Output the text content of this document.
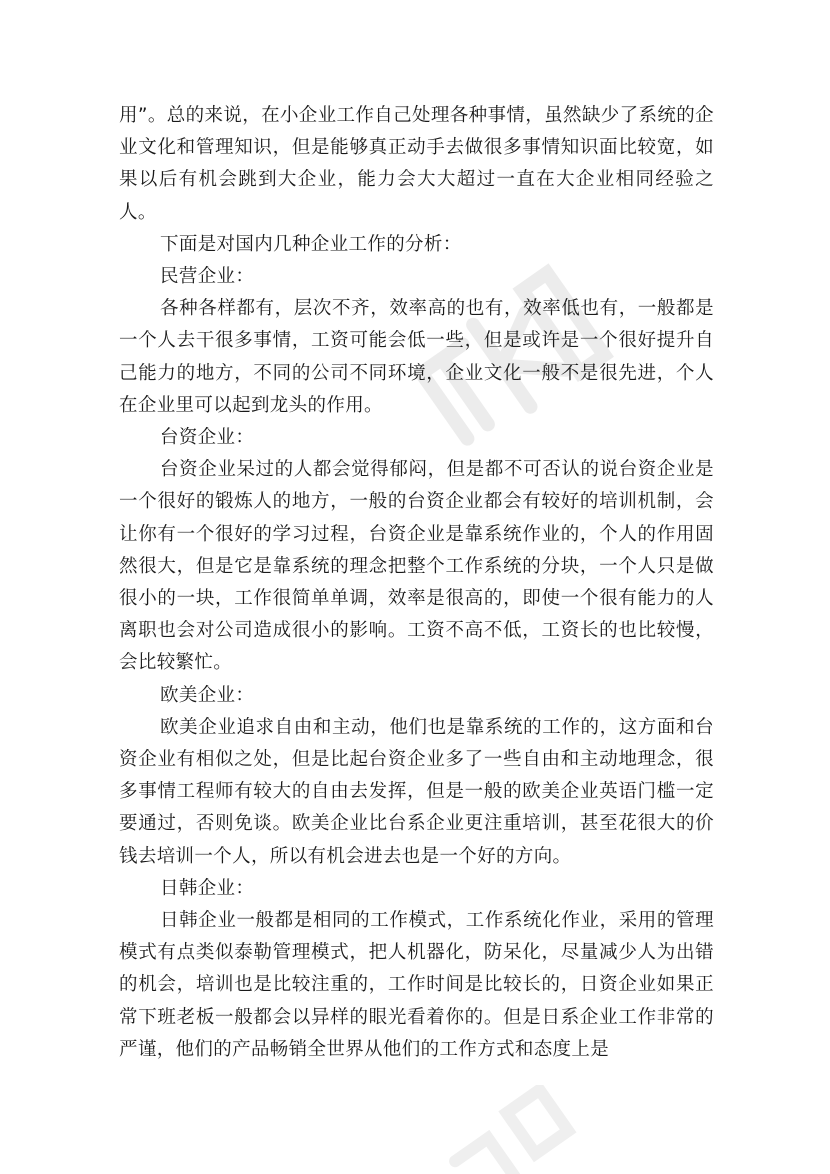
用”。总的来说，在小企业工作自己处理各种事情，虽然缺少了系统的企业文化和管理知识，但是能够真正动手去做很多事情知识面比较宽，如果以后有机会跳到大企业，能力会大大超过一直在大企业相同经验之人。

下面是对国内几种企业工作的分析：

民营企业：

各种各样都有，层次不齐，效率高的也有，效率低也有，一般都是一个人去干很多事情，工资可能会低一些，但是或许是一个很好提升自己能力的地方，不同的公司不同环境，企业文化一般不是很先进，个人在企业里可以起到龙头的作用。

台资企业：

台资企业呆过的人都会觉得郁闷，但是都不可否认的说台资企业是一个很好的锻炼人的地方，一般的台资企业都会有较好的培训机制，会让你有一个很好的学习过程，台资企业是靠系统作业的，个人的作用固然很大，但是它是靠系统的理念把整个工作系统的分块，一个人只是做很小的一块，工作很简单单调，效率是很高的，即使一个很有能力的人离职也会对公司造成很小的影响。工资不高不低，工资长的也比较慢，会比较繁忙。

欧美企业：

欧美企业追求自由和主动，他们也是靠系统的工作的，这方面和台资企业有相似之处，但是比起台资企业多了一些自由和主动地理念，很多事情工程师有较大的自由去发挥，但是一般的欧美企业英语门槛一定要通过，否则免谈。欧美企业比台系企业更注重培训，甚至花很大的价钱去培训一个人，所以有机会进去也是一个好的方向。

日韩企业：

日韩企业一般都是相同的工作模式，工作系统化作业，采用的管理模式有点类似泰勒管理模式，把人机器化，防呆化，尽量减少人为出错的机会，培训也是比较注重的，工作时间是比较长的，日资企业如果正常下班老板一般都会以异样的眼光看着你的。但是日系企业工作非常的严谨，他们的产品畅销全世界从他们的工作方式和态度上是
